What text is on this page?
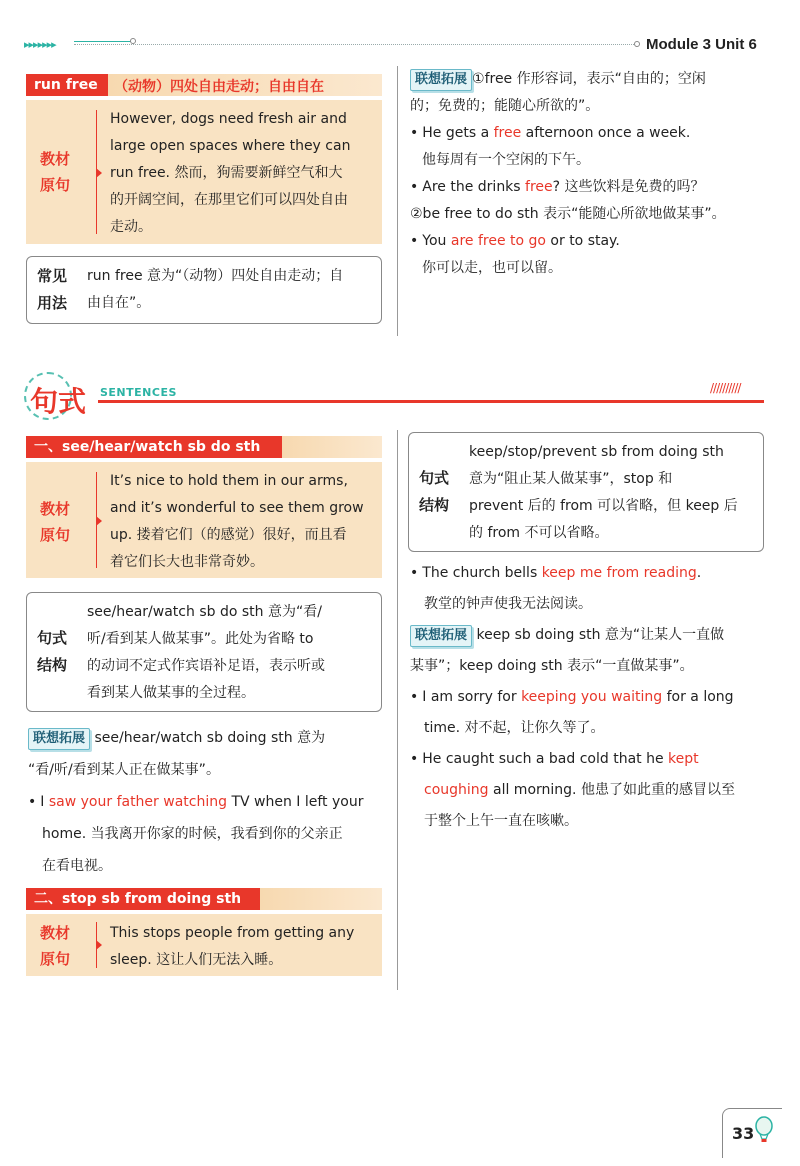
▸▸▸▸▸▸▸	Module 3 Unit 6
run free	（动物）四处自由走动；自由自在
教材
原句
However, dogs need fresh air and
large open spaces where they can
run free. 然而，狗需要新鲜空气和大
的开阔空间，在那里它们可以四处自由
走动。
常见
用法
run free 意为“（动物）四处自由走动；自
由自在”。
联想拓展 ①free 作形容词，表示“自由的；空闲
的；免费的；能随心所欲的”。
• He gets a free afternoon once a week.
他每周有一个空闲的下午。
• Are the drinks free? 这些饮料是免费的吗？
②be free to do sth 表示“能随心所欲地做某事”。
• You are free to go or to stay.
你可以走，也可以留。
句式 SENTENCES	//////////
一、see/hear/watch sb do sth
教材
原句
It’s nice to hold them in our arms,
and it’s wonderful to see them grow
up. 搂着它们（的感觉）很好，而且看
着它们长大也非常奇妙。
句式
结构
see/hear/watch sb do sth 意为“看/
听/看到某人做某事”。此处为省略 to
的动词不定式作宾语补足语，表示听或
看到某人做某事的全过程。
联想拓展 see/hear/watch sb doing sth 意为
“看/听/看到某人正在做某事”。
• I saw your father watching TV when I left your
home. 当我离开你家的时候，我看到你的父亲正
在看电视。
二、stop sb from doing sth
教材
原句
This stops people from getting any
sleep. 这让人们无法入睡。
句式
结构
keep/stop/prevent sb from doing sth
意为“阻止某人做某事”，stop 和
prevent 后的 from 可以省略，但 keep 后
的 from 不可以省略。
• The church bells keep me from reading.
教堂的钟声使我无法阅读。
联想拓展 keep sb doing sth 意为“让某人一直做
某事”；keep doing sth 表示“一直做某事”。
• I am sorry for keeping you waiting for a long
time. 对不起，让你久等了。
• He caught such a bad cold that he kept
coughing all morning. 他患了如此重的感冒以至
于整个上午一直在咳嗽。
33
